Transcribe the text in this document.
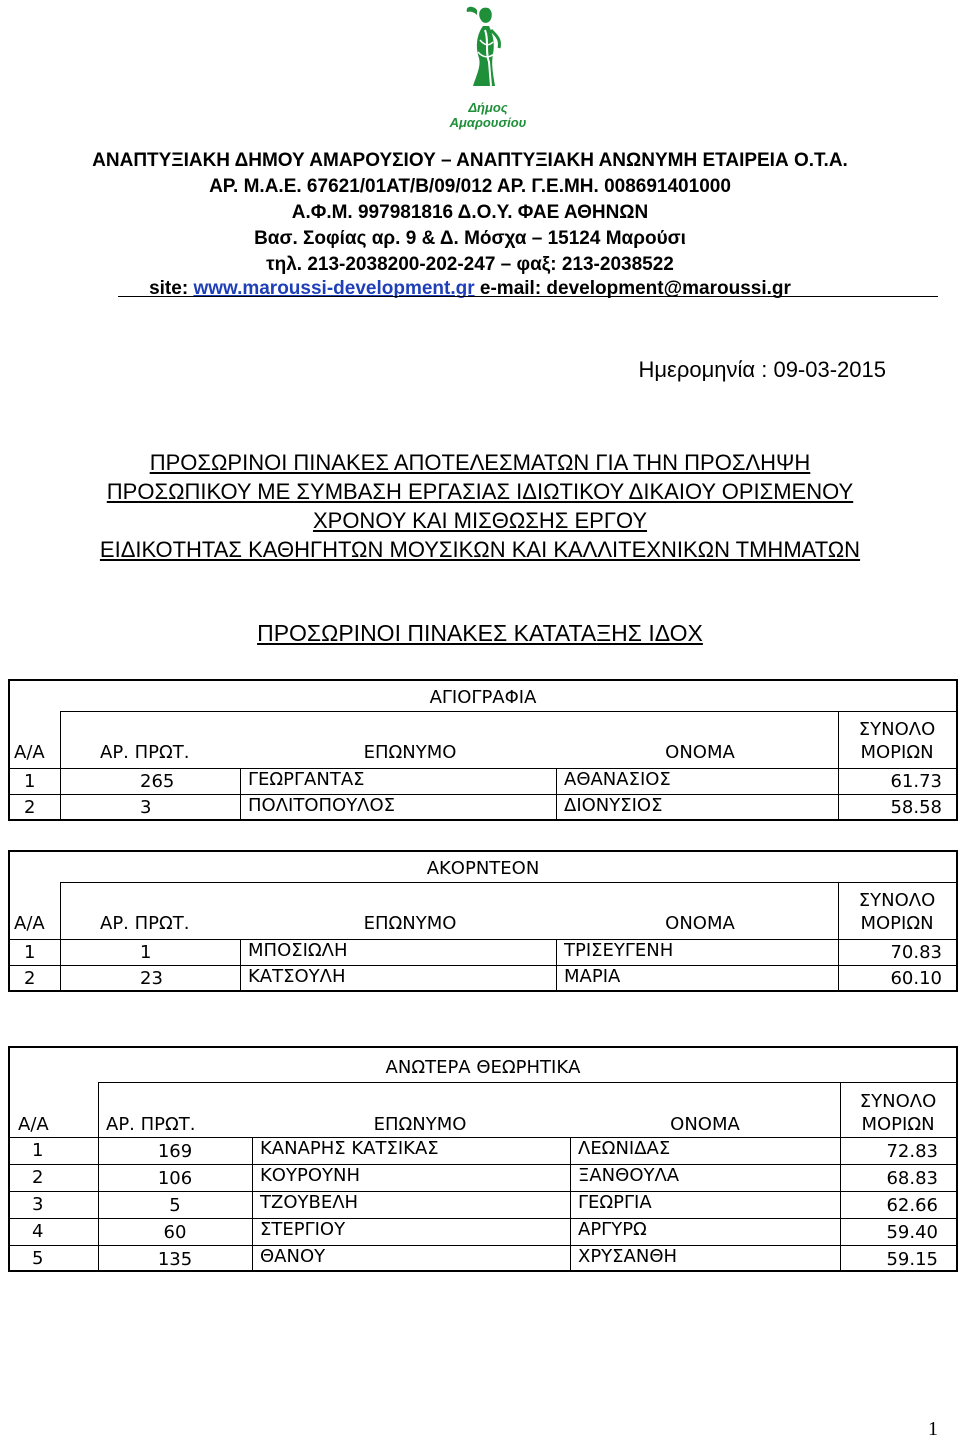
Δήμος Αμαρουσίου
ΑΝΑΠΤΥΞΙΑΚΗ ΔΗΜΟΥ ΑΜΑΡΟΥΣΙΟΥ – ΑΝΑΠΤΥΞΙΑΚΗ ΑΝΩΝΥΜΗ ΕΤΑΙΡΕΙΑ Ο.Τ.Α.
ΑΡ. Μ.Α.Ε. 67621/01ΑΤ/Β/09/012 ΑΡ. Γ.Ε.ΜΗ. 008691401000
Α.Φ.Μ. 997981816 Δ.Ο.Υ. ΦΑΕ ΑΘΗΝΩΝ
Βασ. Σοφίας αρ. 9 & Δ. Μόσχα – 15124 Μαρούσι
τηλ. 213-2038200-202-247 – φαξ: 213-2038522
site: www.maroussi-development.gr e-mail: development@maroussi.gr
Ημερομηνία : 09-03-2015
ΠΡΟΣΩΡΙΝΟΙ ΠΙΝΑΚΕΣ ΑΠΟΤΕΛΕΣΜΑΤΩΝ ΓΙΑ ΤΗΝ ΠΡΟΣΛΗΨΗ
ΠΡΟΣΩΠΙΚΟΥ ΜΕ ΣΥΜΒΑΣΗ ΕΡΓΑΣΙΑΣ ΙΔΙΩΤΙΚΟΥ ΔΙΚΑΙΟΥ ΟΡΙΣΜΕΝΟΥ
ΧΡΟΝΟΥ ΚΑΙ ΜΙΣΘΩΣΗΣ ΕΡΓΟΥ
ΕΙΔΙΚΟΤΗΤΑΣ ΚΑΘΗΓΗΤΩΝ ΜΟΥΣΙΚΩΝ ΚΑΙ ΚΑΛΛΙΤΕΧΝΙΚΩΝ ΤΜΗΜΑΤΩΝ
ΠΡΟΣΩΡΙΝΟΙ ΠΙΝΑΚΕΣ ΚΑΤΑΤΑΞΗΣ ΙΔΟΧ
ΑΓΙΟΓΡΑΦΙΑ
Α/Α	ΑΡ. ΠΡΩΤ.	ΕΠΩΝΥΜΟ	ΟΝΟΜΑ
ΣΥΝΟΛΟ
ΜΟΡΙΩΝ
1	265	ΓΕΩΡΓΑΝΤΑΣ	ΑΘΑΝΑΣΙΟΣ	61.73
2	3	ΠΟΛΙΤΟΠΟΥΛΟΣ	ΔΙΟΝΥΣΙΟΣ	58.58
ΑΚΟΡΝΤΕΟΝ
Α/Α	ΑΡ. ΠΡΩΤ.	ΕΠΩΝΥΜΟ	ΟΝΟΜΑ
ΣΥΝΟΛΟ
ΜΟΡΙΩΝ
1	1	ΜΠΟΣΙΩΛΗ	ΤΡΙΣΕΥΓΕΝΗ	70.83
2	23	ΚΑΤΣΟΥΛΗ	ΜΑΡΙΑ	60.10
ΑΝΩΤΕΡΑ ΘΕΩΡΗΤΙΚΑ
Α/Α	ΑΡ. ΠΡΩΤ.	ΕΠΩΝΥΜΟ	ΟΝΟΜΑ
ΣΥΝΟΛΟ
ΜΟΡΙΩΝ
1	169	ΚΑΝΑΡΗΣ ΚΑΤΣΙΚΑΣ	ΛΕΩΝΙΔΑΣ	72.83
2	106	ΚΟΥΡΟΥΝΗ	ΞΑΝΘΟΥΛΑ	68.83
3	5	ΤΖΟΥΒΕΛΗ	ΓΕΩΡΓΙΑ	62.66
4	60	ΣΤΕΡΓΙΟΥ	ΑΡΓΥΡΩ	59.40
5	135	ΘΑΝΟΥ	ΧΡΥΣΑΝΘΗ	59.15
1
